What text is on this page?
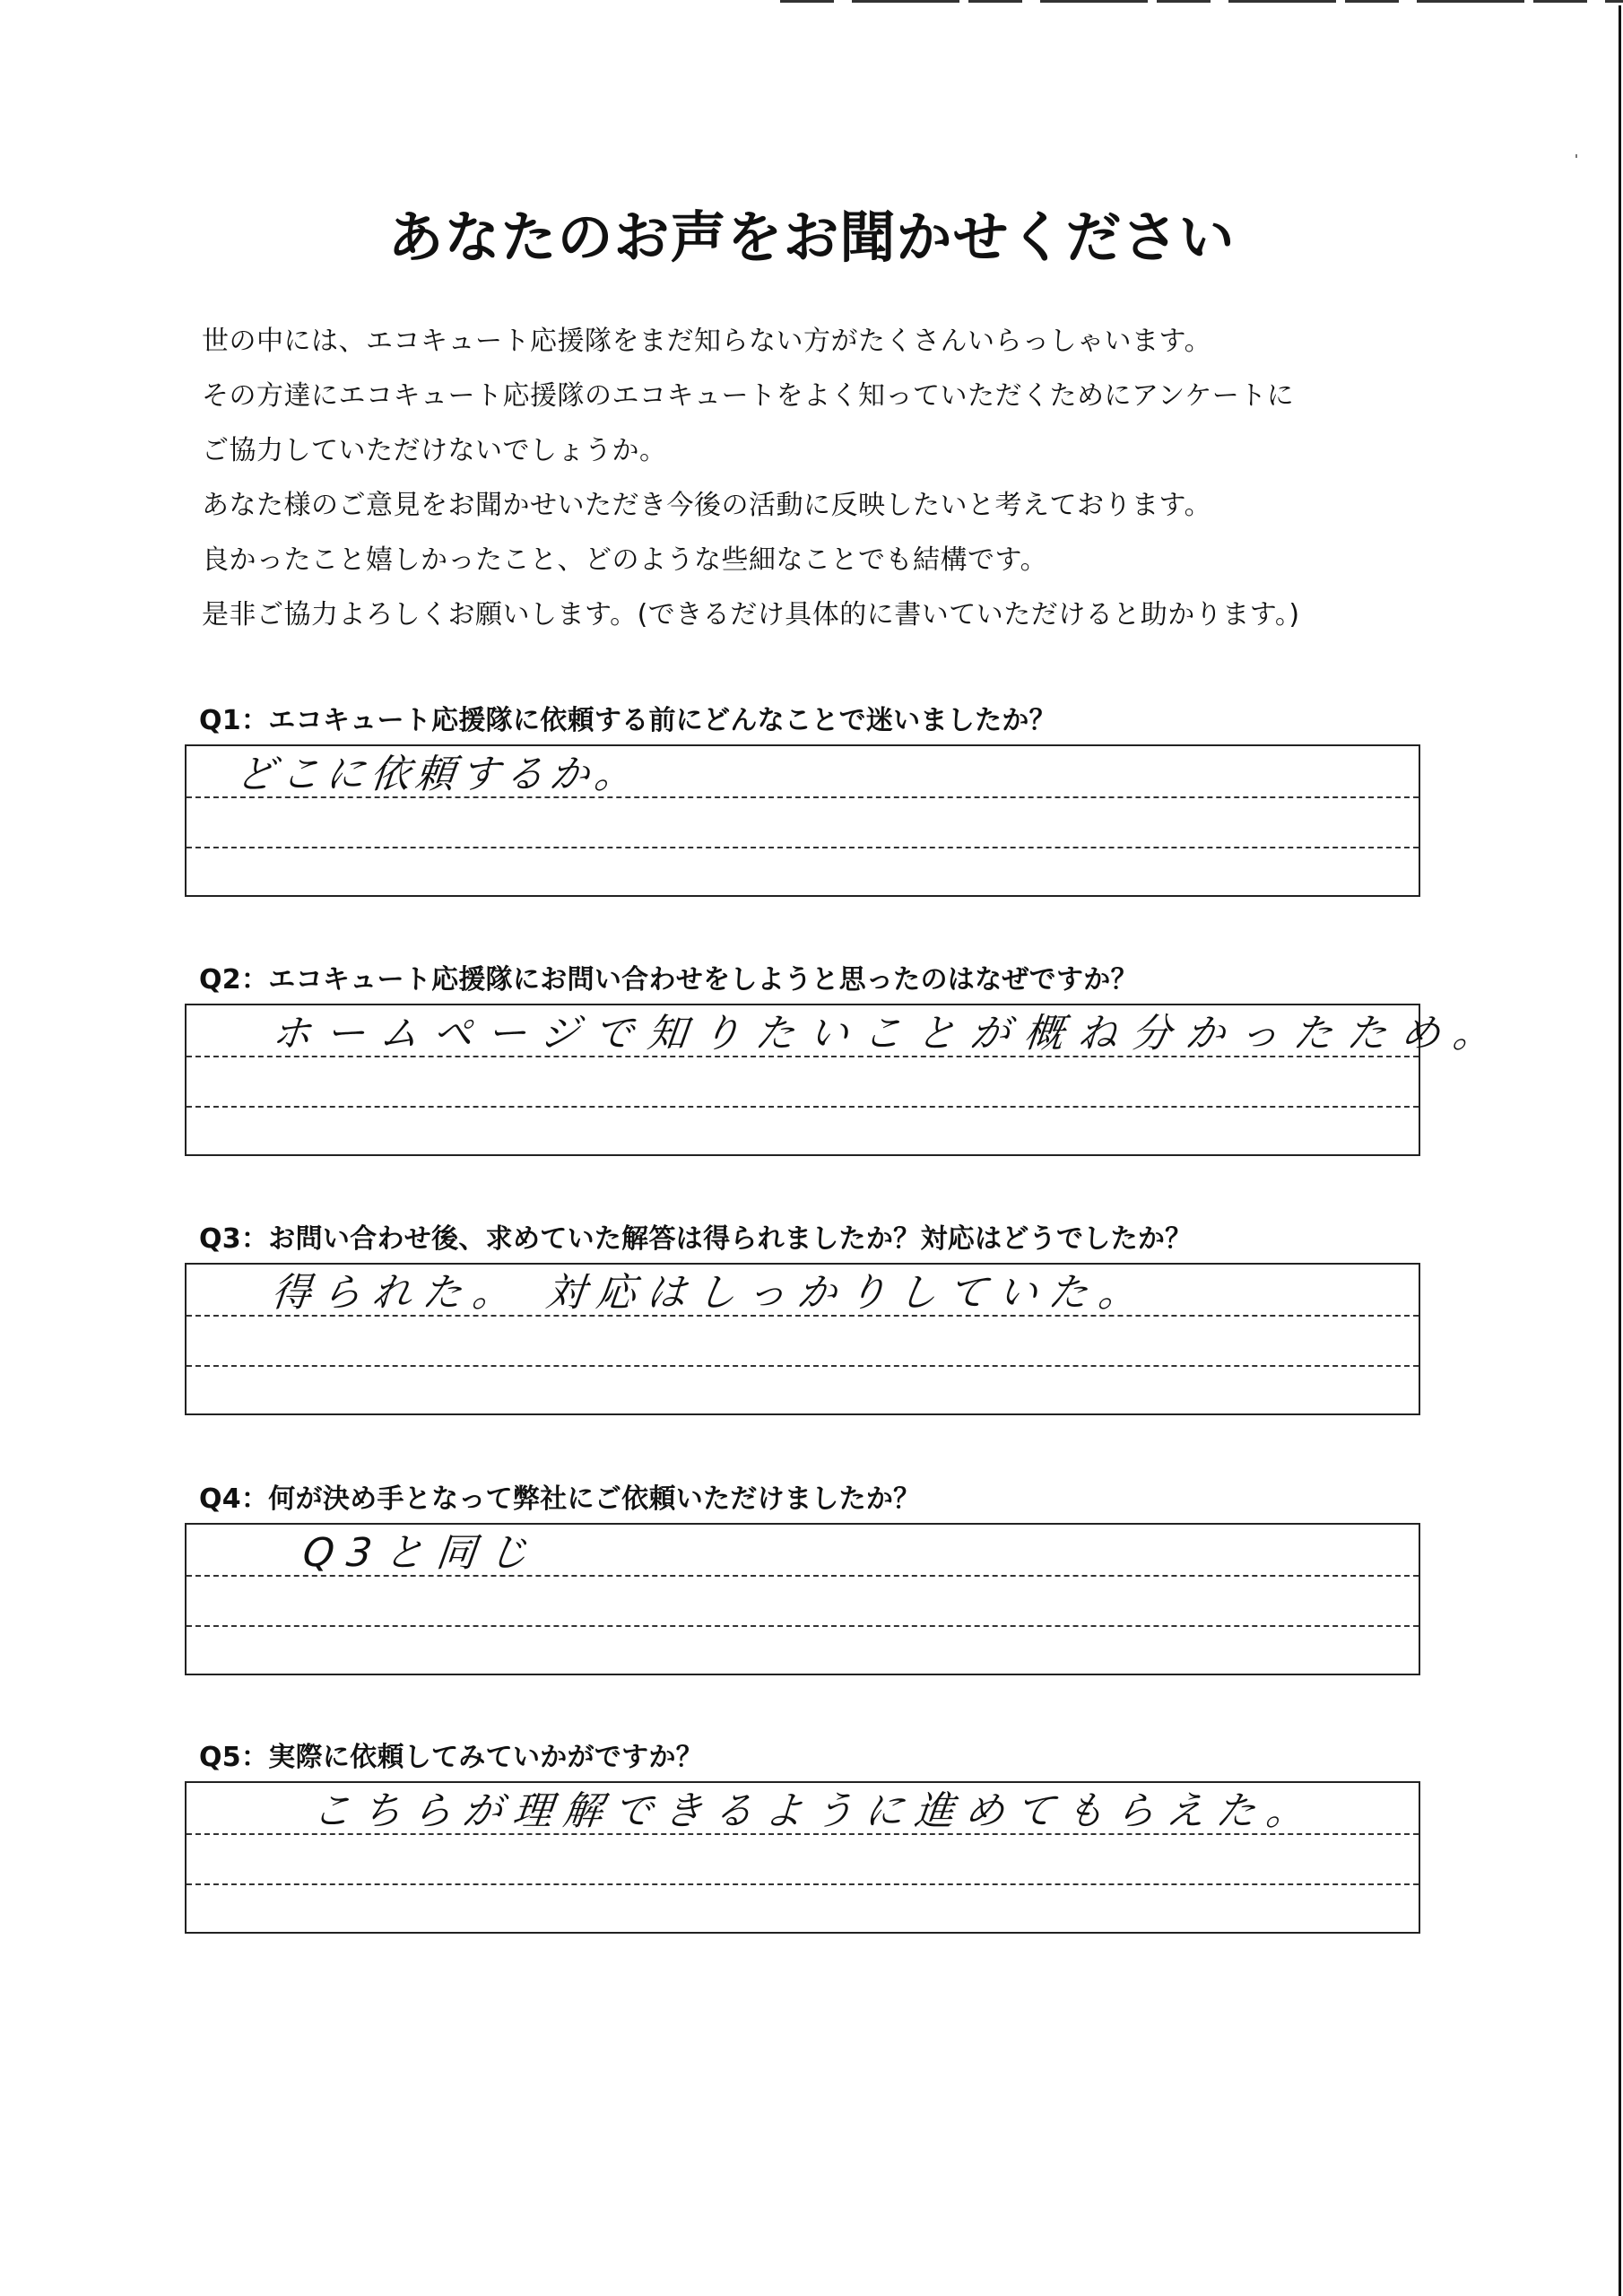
あなたのお声をお聞かせください
世の中には、エコキュート応援隊をまだ知らない方がたくさんいらっしゃいます。
その方達にエコキュート応援隊のエコキュートをよく知っていただくためにアンケートに
ご協力していただけないでしょうか。
あなた様のご意見をお聞かせいただき今後の活動に反映したいと考えております。
良かったこと嬉しかったこと、どのような些細なことでも結構です。
是非ご協力よろしくお願いします。(できるだけ具体的に書いていただけると助かります。)
Q1：エコキュート応援隊に依頼する前にどんなことで迷いましたか？
どこに依頼するか。
Q2：エコキュート応援隊にお問い合わせをしようと思ったのはなぜですか？
ホームページで知りたいことが概ね分かったため。
Q3：お問い合わせ後、求めていた解答は得られましたか？対応はどうでしたか？
得られた。 対応はしっかりしていた。
Q4：何が決め手となって弊社にご依頼いただけましたか？
Q3と同じ
Q5：実際に依頼してみていかがですか？
こちらが理解できるように進めてもらえた。
